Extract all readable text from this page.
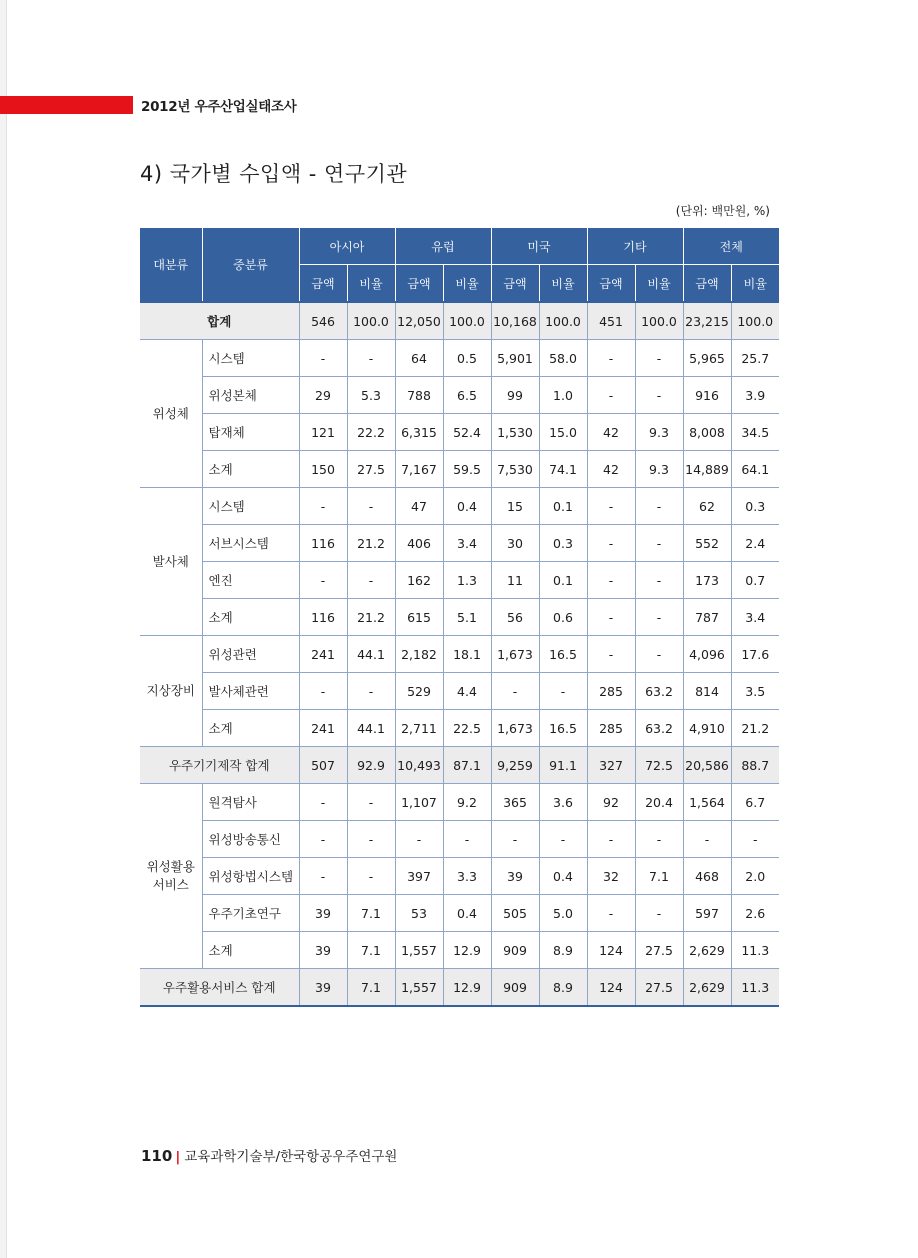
2012년 우주산업실태조사
4) 국가별 수입액 - 연구기관
(단위: 백만원, %)
대분류	중분류	아시아		유럽		미국		기타		전체	
		금액	비율	금액	비율	금액	비율	금액	비율	금액	비율
합계		546	100.0	12,050	100.0	10,168	100.0	451	100.0	23,215	100.0
위성체	시스템	-	-	64	0.5	5,901	58.0	-	-	5,965	25.7
	위성본체	29	5.3	788	6.5	99	1.0	-	-	916	3.9
	탑재체	121	22.2	6,315	52.4	1,530	15.0	42	9.3	8,008	34.5
	소계	150	27.5	7,167	59.5	7,530	74.1	42	9.3	14,889	64.1
발사체	시스템	-	-	47	0.4	15	0.1	-	-	62	0.3
	서브시스템	116	21.2	406	3.4	30	0.3	-	-	552	2.4
	엔진	-	-	162	1.3	11	0.1	-	-	173	0.7
	소계	116	21.2	615	5.1	56	0.6	-	-	787	3.4
지상장비	위성관련	241	44.1	2,182	18.1	1,673	16.5	-	-	4,096	17.6
	발사체관련	-	-	529	4.4	-	-	285	63.2	814	3.5
	소계	241	44.1	2,711	22.5	1,673	16.5	285	63.2	4,910	21.2
우주기기제작 합계		507	92.9	10,493	87.1	9,259	91.1	327	72.5	20,586	88.7
위성활용 서비스	원격탐사	-	-	1,107	9.2	365	3.6	92	20.4	1,564	6.7
	위성방송통신	-	-	-	-	-	-	-	-	-	-
	위성항법시스템	-	-	397	3.3	39	0.4	32	7.1	468	2.0
	우주기초연구	39	7.1	53	0.4	505	5.0	-	-	597	2.6
	소계	39	7.1	1,557	12.9	909	8.9	124	27.5	2,629	11.3
우주활용서비스 합계		39	7.1	1,557	12.9	909	8.9	124	27.5	2,629	11.3
110 | 교육과학기술부/한국항공우주연구원
